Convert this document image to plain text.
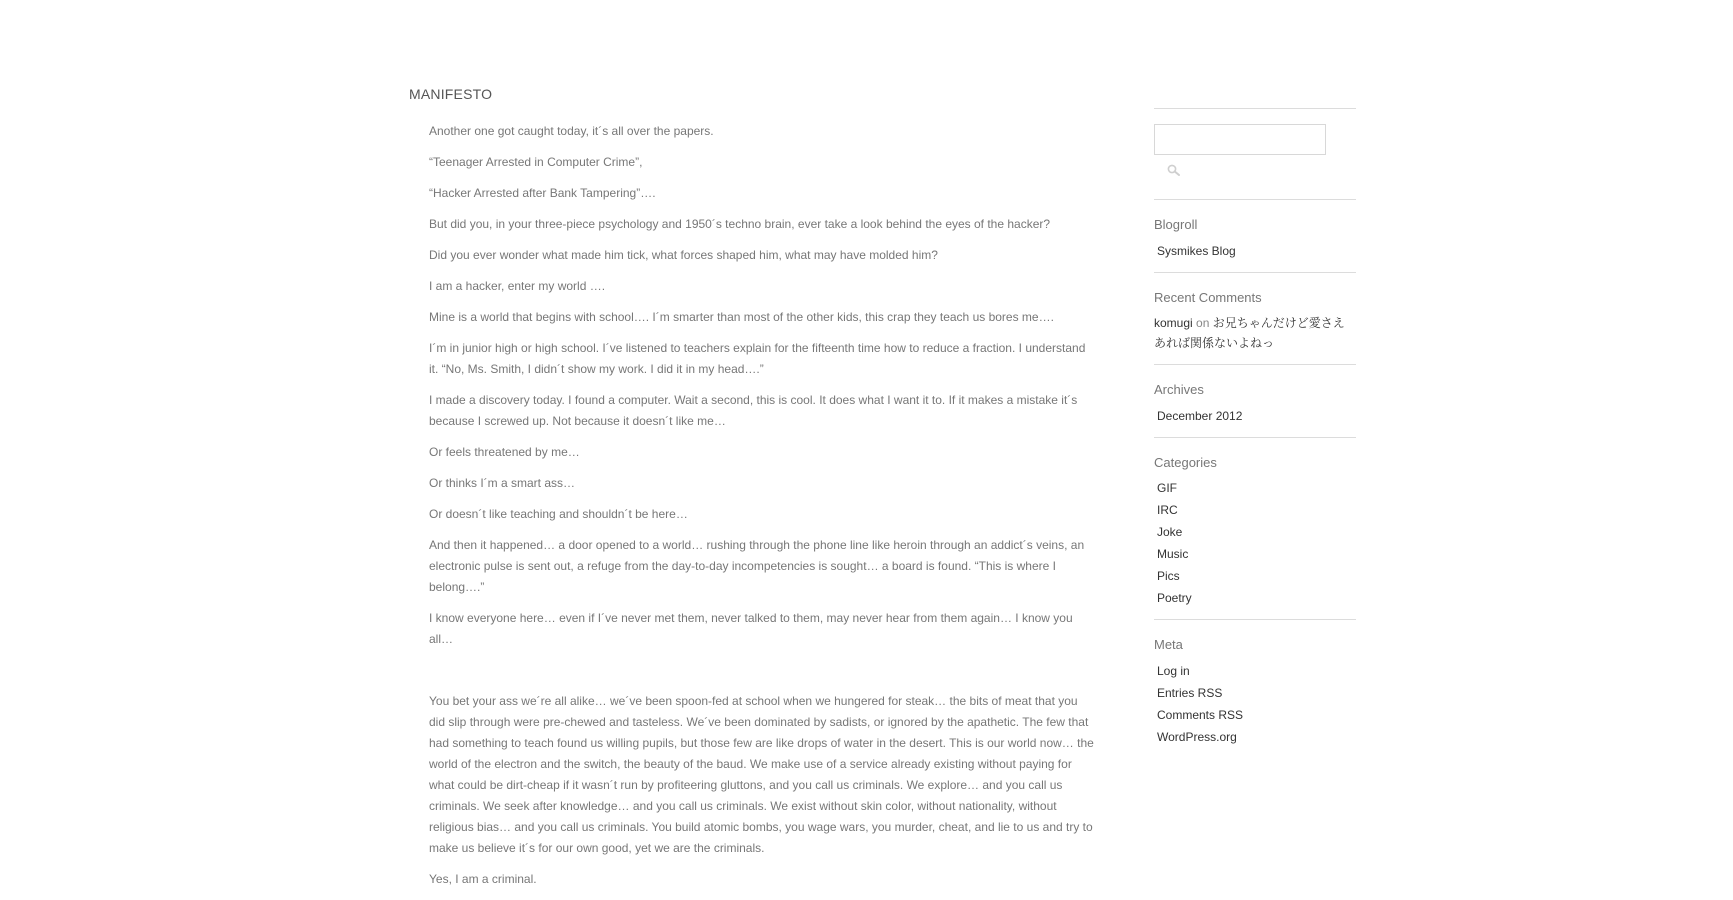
MANIFESTO

Another one got caught today, it´s all over the papers.

“Teenager Arrested in Computer Crime”,

“Hacker Arrested after Bank Tampering”….

But did you, in your three-piece psychology and 1950´s techno brain, ever take a look behind the eyes of the hacker?

Did you ever wonder what made him tick, what forces shaped him, what may have molded him?

I am a hacker, enter my world ….

Mine is a world that begins with school…. I´m smarter than most of the other kids, this crap they teach us bores me….

I´m in junior high or high school. I´ve listened to teachers explain for the fifteenth time how to reduce a fraction. I understand it. “No, Ms. Smith, I didn´t show my work. I did it in my head….”

I made a discovery today. I found a computer. Wait a second, this is cool. It does what I want it to. If it makes a mistake it´s because I screwed up. Not because it doesn´t like me…

Or feels threatened by me…

Or thinks I´m a smart ass…

Or doesn´t like teaching and shouldn´t be here…

And then it happened… a door opened to a world… rushing through the phone line like heroin through an addict´s veins, an electronic pulse is sent out, a refuge from the day-to-day incompetencies is sought… a board is found. “This is where I belong….”

I know everyone here… even if I´ve never met them, never talked to them, may never hear from them again… I know you all…

You bet your ass we´re all alike… we´ve been spoon-fed at school when we hungered for steak… the bits of meat that you did slip through were pre-chewed and tasteless. We´ve been dominated by sadists, or ignored by the apathetic. The few that had something to teach found us willing pupils, but those few are like drops of water in the desert. This is our world now… the world of the electron and the switch, the beauty of the baud. We make use of a service already existing without paying for what could be dirt-cheap if it wasn´t run by profiteering gluttons, and you call us criminals. We explore… and you call us criminals. We seek after knowledge… and you call us criminals. We exist without skin color, without nationality, without religious bias… and you call us criminals. You build atomic bombs, you wage wars, you murder, cheat, and lie to us and try to make us believe it´s for our own good, yet we are the criminals.

Yes, I am a criminal.

Blogroll
Sysmikes Blog
Recent Comments
komugi on お兄ちゃんだけど愛さえあれば関係ないよねっ
Archives
December 2012
Categories
GIF
IRC
Joke
Music
Pics
Poetry
Meta
Log in
Entries RSS
Comments RSS
WordPress.org
